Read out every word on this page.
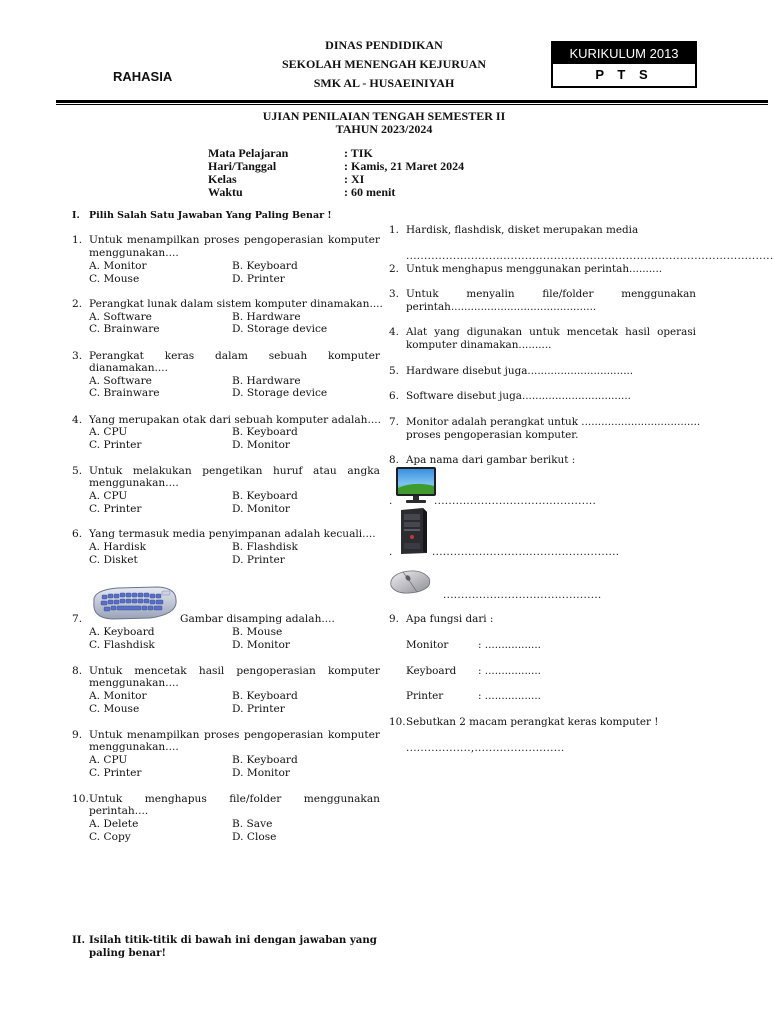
DINAS PENDIDIKAN
SEKOLAH MENENGAH KEJURUAN
SMK AL - HUSAEINIYAH
RAHASIA
KURIKULUM 2013
P T S
UJIAN PENILAIAN TENGAH SEMESTER II
TAHUN 2023/2024
Mata Pelajaran	: TIK
Hari/Tanggal	: Kamis, 21 Maret 2024
Kelas	: XI
Waktu	: 60 menit
I. Pilih Salah Satu Jawaban Yang Paling Benar !
1. Untuk menampilkan proses pengoperasian komputer
menggunakan....
A. Monitor	B. Keyboard
C. Mouse	D. Printer
2. Perangkat lunak dalam sistem komputer dinamakan....
A. Software	B. Hardware
C. Brainware	D. Storage device
3. Perangkat keras dalam sebuah komputer
dianamakan....
A. Software	B. Hardware
C. Brainware	D. Storage device
4. Yang merupakan otak dari sebuah komputer adalah....
A. CPU	B. Keyboard
C. Printer	D. Monitor
5. Untuk melakukan pengetikan huruf atau angka
menggunakan....
A. CPU	B. Keyboard
C. Printer	D. Monitor
6. Yang termasuk media penyimpanan adalah kecuali....
A. Hardisk	B. Flashdisk
C. Disket	D. Printer
7.	Gambar disamping adalah....
A. Keyboard	B. Mouse
C. Flashdisk	D. Monitor
8. Untuk mencetak hasil pengoperasian komputer
menggunakan....
A. Monitor	B. Keyboard
C. Mouse	D. Printer
9. Untuk menampilkan proses pengoperasian komputer
menggunakan....
A. CPU	B. Keyboard
C. Printer	D. Monitor
10. Untuk menghapus file/folder menggunakan
perintah....
A. Delete	B. Save
C. Copy	D. Close
II. Isilah titik-titik di bawah ini dengan jawaban yang
paling benar!
1. Hardisk, flashdisk, disket merupakan media
......................................................................................................
2. Untuk menghapus menggunakan perintah..........
3. Untuk menyalin file/folder menggunakan
perintah............................................
4. Alat yang digunakan untuk mencetak hasil operasi
komputer dinamakan..........
5. Hardware disebut juga................................
6. Software disebut juga.................................
7. Monitor adalah perangkat untuk ....................................
proses pengoperasian komputer.
8. Apa nama dari gambar berikut :
.	.............................................
.	....................................................
............................................
9. Apa fungsi dari :
Monitor	: .................
Keyboard : .................
Printer	: .................
10. Sebutkan 2 macam perangkat keras komputer !
..................,.........................
